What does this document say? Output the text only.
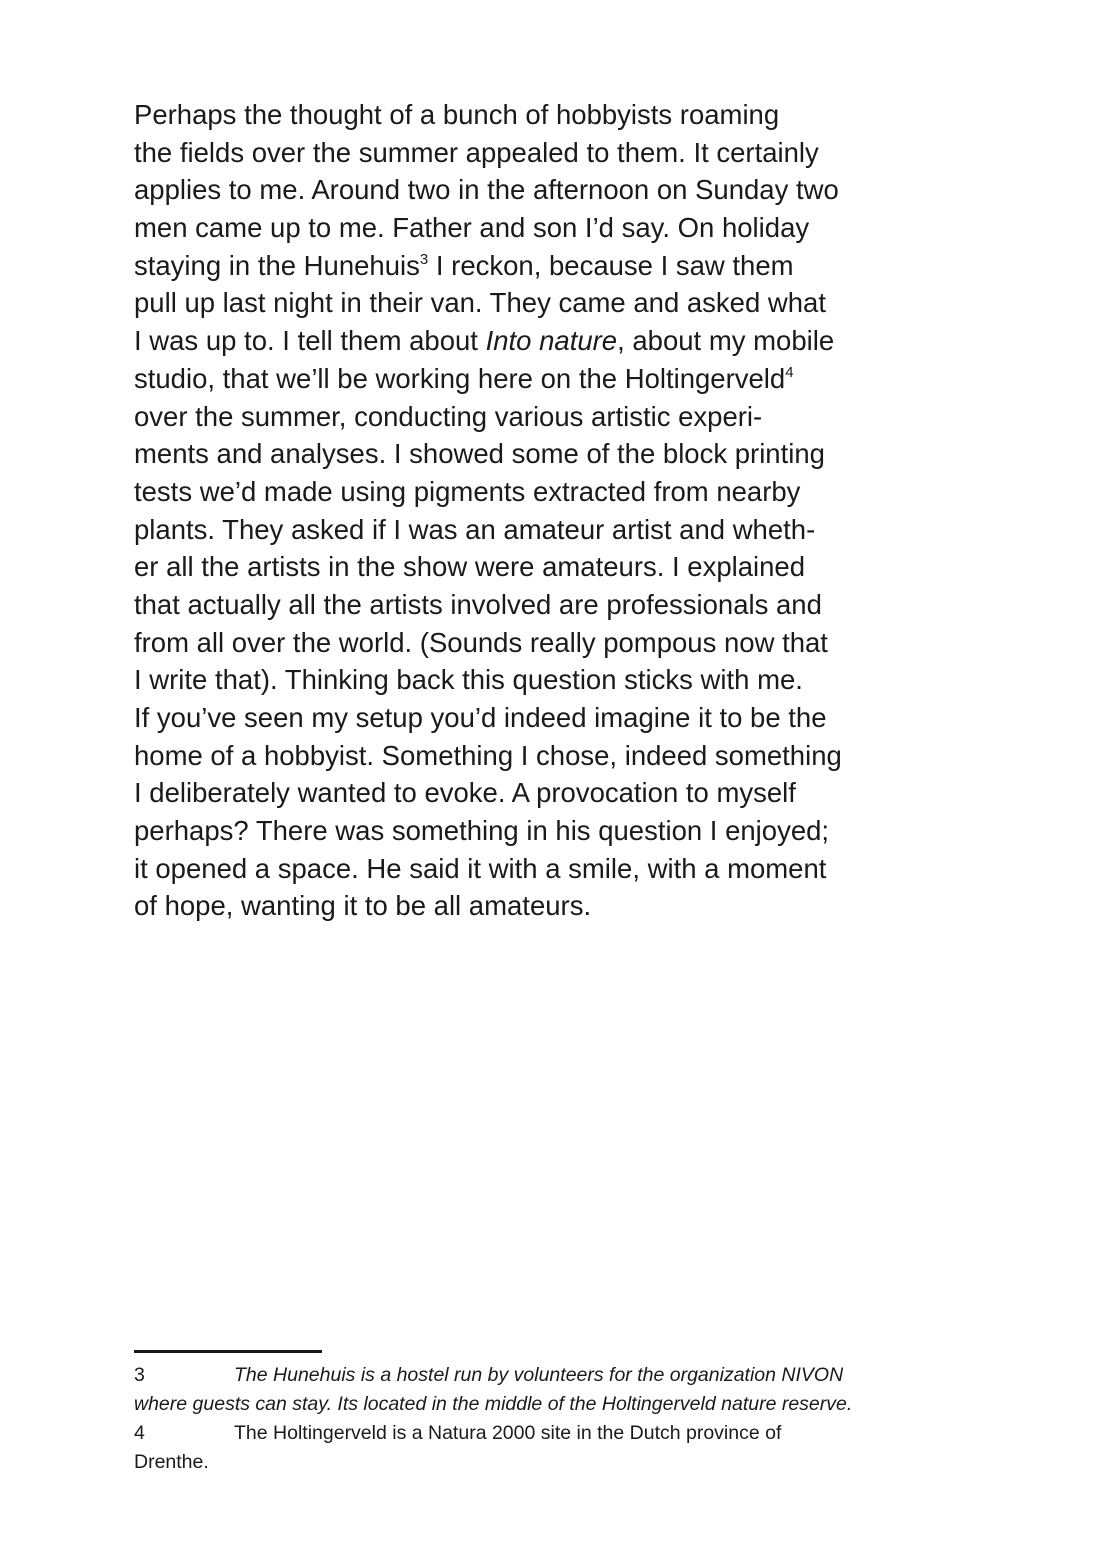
Perhaps the thought of a bunch of hobbyists roaming
the fields over the summer appealed to them. It certainly
applies to me. Around two in the afternoon on Sunday two
men came up to me. Father and son I’d say. On holiday
staying in the Hunehuis$^3$ I reckon, because I saw them
pull up last night in their van. They came and asked what
I was up to. I tell them about Into nature, about my mobile
studio, that we’ll be working here on the Holtingerveld$^4$
over the summer, conducting various artistic experi-
ments and analyses. I showed some of the block printing
tests we’d made using pigments extracted from nearby
plants. They asked if I was an amateur artist and wheth-
er all the artists in the show were amateurs. I explained
that actually all the artists involved are professionals and
from all over the world. (Sounds really pompous now that
I write that). Thinking back this question sticks with me.
If you’ve seen my setup you’d indeed imagine it to be the
home of a hobbyist. Something I chose, indeed something
I deliberately wanted to evoke. A provocation to myself
perhaps? There was something in his question I enjoyed;
it opened a space. He said it with a smile, with a moment
of hope, wanting it to be all amateurs.
3	The Hunehuis is a hostel run by volunteers for the organization NIVON
where guests can stay. Its located in the middle of the Holtingerveld nature reserve.
4	The Holtingerveld is a Natura 2000 site in the Dutch province of
Drenthe.
